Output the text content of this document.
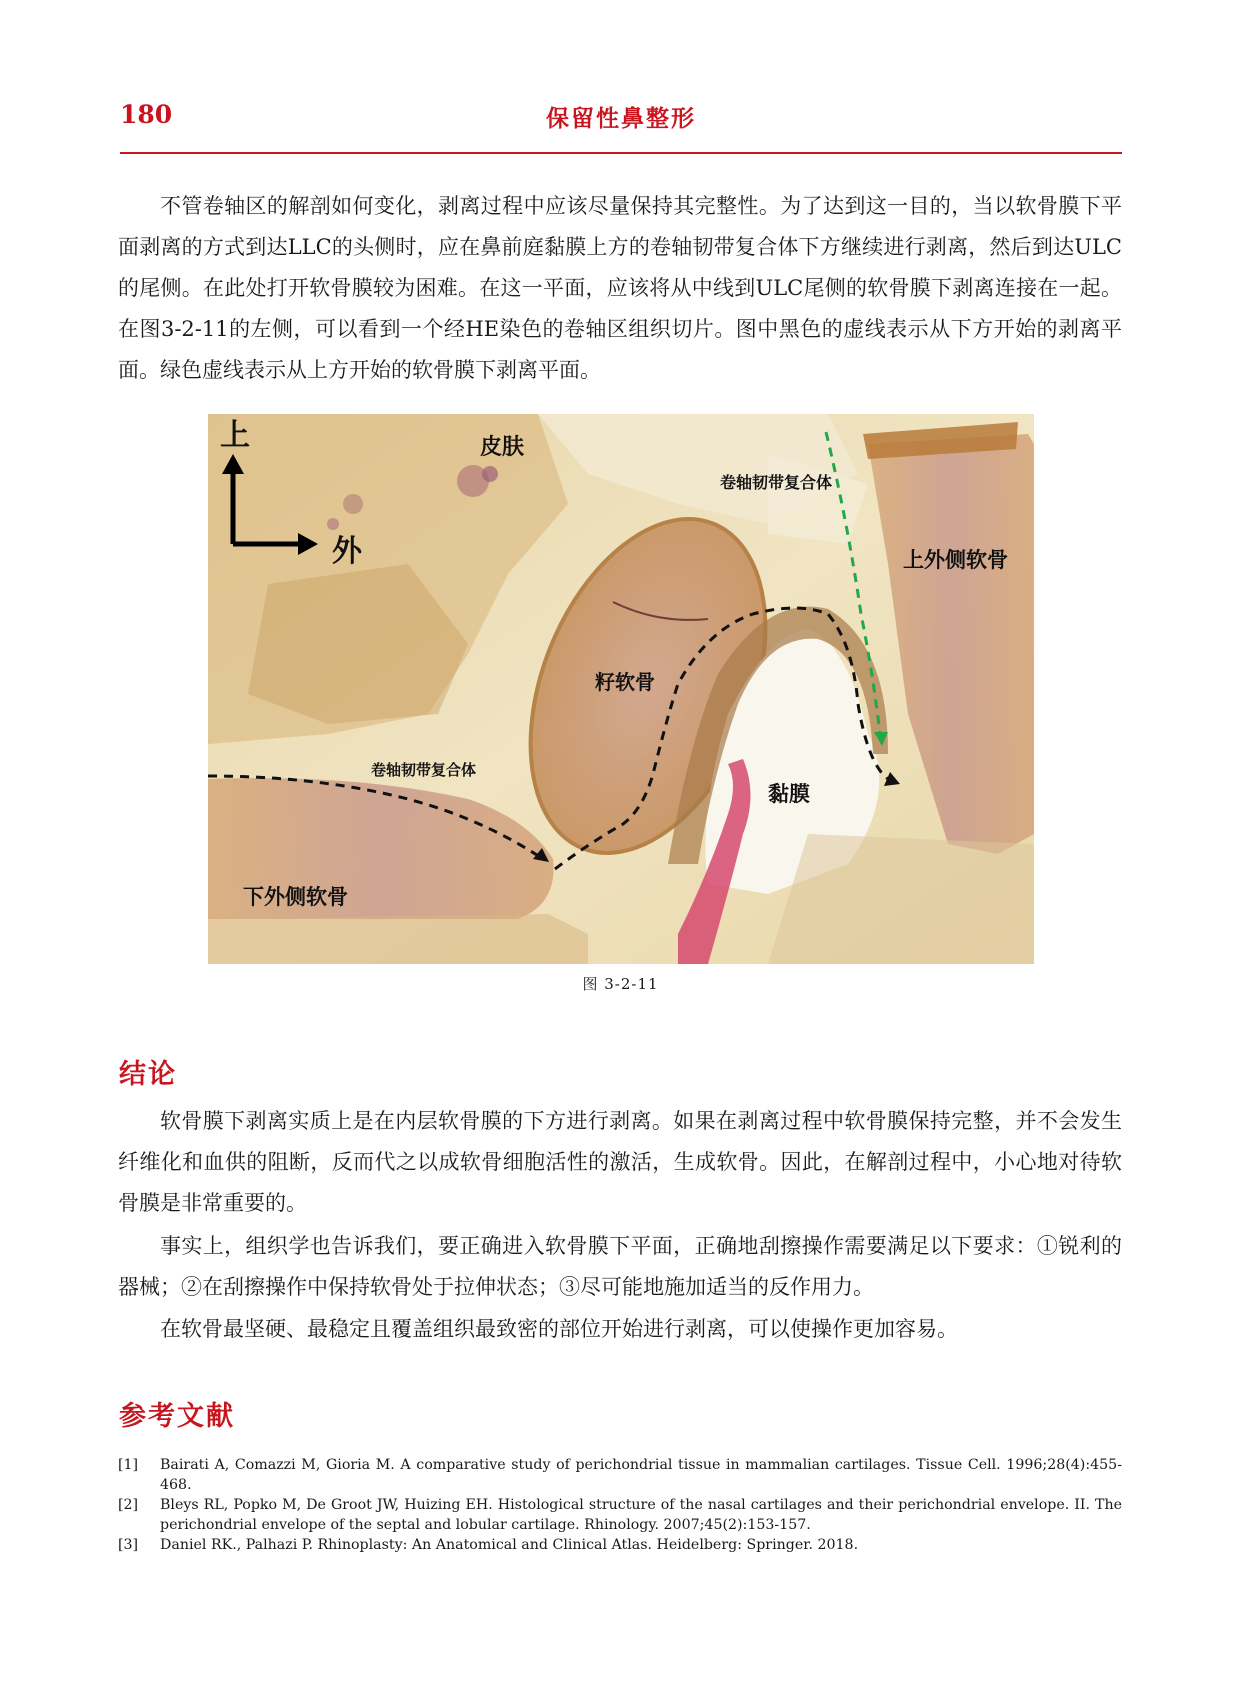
180	保留性鼻整形

不管卷轴区的解剖如何变化，剥离过程中应该尽量保持其完整性。为了达到这一目的，当以软骨膜下平面剥离的方式到达LLC的头侧时，应在鼻前庭黏膜上方的卷轴韧带复合体下方继续进行剥离，然后到达ULC的尾侧。在此处打开软骨膜较为困难。在这一平面，应该将从中线到ULC尾侧的软骨膜下剥离连接在一起。在图3-2-11的左侧，可以看到一个经HE染色的卷轴区组织切片。图中黑色的虚线表示从下方开始的剥离平面。绿色虚线表示从上方开始的软骨膜下剥离平面。

上
外
皮肤
卷轴韧带复合体
上外侧软骨
籽软骨
卷轴韧带复合体
黏膜
下外侧软骨
图 3-2-11
结论

软骨膜下剥离实质上是在内层软骨膜的下方进行剥离。如果在剥离过程中软骨膜保持完整，并不会发生纤维化和血供的阻断，反而代之以成软骨细胞活性的激活，生成软骨。因此，在解剖过程中，小心地对待软骨膜是非常重要的。

事实上，组织学也告诉我们，要正确进入软骨膜下平面，正确地刮擦操作需要满足以下要求：①锐利的器械；②在刮擦操作中保持软骨处于拉伸状态；③尽可能地施加适当的反作用力。

在软骨最坚硬、最稳定且覆盖组织最致密的部位开始进行剥离，可以使操作更加容易。

参考文献

[1] Bairati A, Comazzi M, Gioria M. A comparative study of perichondrial tissue in mammalian cartilages. Tissue Cell. 1996;28(4):455-468.

[2] Bleys RL, Popko M, De Groot JW, Huizing EH. Histological structure of the nasal cartilages and their perichondrial envelope. II. The perichondrial envelope of the septal and lobular cartilage. Rhinology. 2007;45(2):153-157.

[3] Daniel RK., Palhazi P. Rhinoplasty: An Anatomical and Clinical Atlas. Heidelberg: Springer. 2018.
